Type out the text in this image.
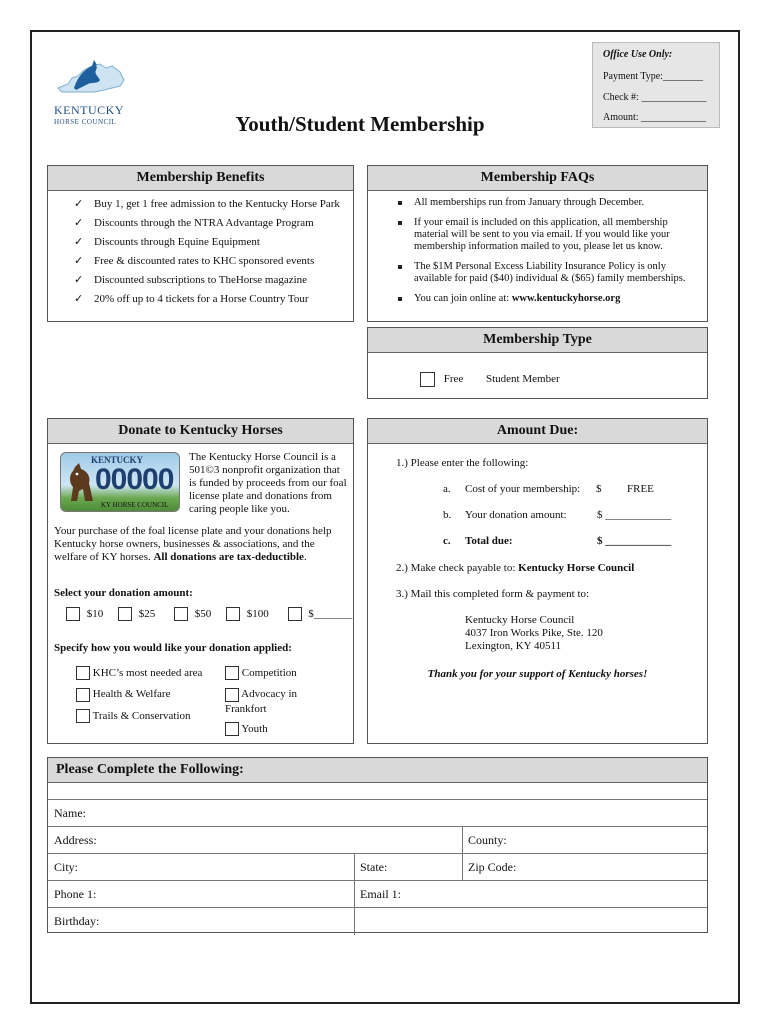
KENTUCKY
HORSE COUNCIL	Youth/Student Membership
Office Use Only:
Payment Type:________
Check #: _____________
Amount: _____________
Membership Benefits
✓ Buy 1, get 1 free admission to the Kentucky Horse Park
✓ Discounts through the NTRA Advantage Program
✓ Discounts through Equine Equipment
✓ Free & discounted rates to KHC sponsored events
✓ Discounted subscriptions to TheHorse magazine
✓ 20% off up to 4 tickets for a Horse Country Tour
Membership FAQs
All memberships run from January through December.
If your email is included on this application, all membership material will be sent to you via email. If you would like your membership information mailed to you, please let us know.
The $1M Personal Excess Liability Insurance Policy is only available for paid ($40) individual & ($65) family memberships.
You can join online at: www.kentuckyhorse.org
Membership Type
Free Student Member
Donate to Kentucky Horses
KENTUCKY
00000
KY HORSE COUNCIL
The Kentucky Horse Council is a 501©3 nonprofit organization that is funded by proceeds from our foal license plate and donations from caring people like you.
Your purchase of the foal license plate and your donations help Kentucky horse owners, businesses & associations, and the welfare of KY horses. All donations are tax-deductible.
Select your donation amount:
$10	$25	$50	$100	$_______
Specify how you would like your donation applied:
KHC’s most needed area
Health & Welfare
Trails & Conservation
Competition
Advocacy in
Frankfort
Youth
Amount Due:
1.) Please enter the following:
a. Cost of your membership: $ FREE
b. Your donation amount:	$ ____________
c. Total due:	$ ____________
2.) Make check payable to: Kentucky Horse Council
3.) Mail this completed form & payment to:
Kentucky Horse Council
4037 Iron Works Pike, Ste. 120
Lexington, KY 40511
Thank you for your support of Kentucky horses!
Please Complete the Following:
Name:
Address:	County:
City:	State:	Zip Code:
Phone 1:	Email 1:
Birthday:
